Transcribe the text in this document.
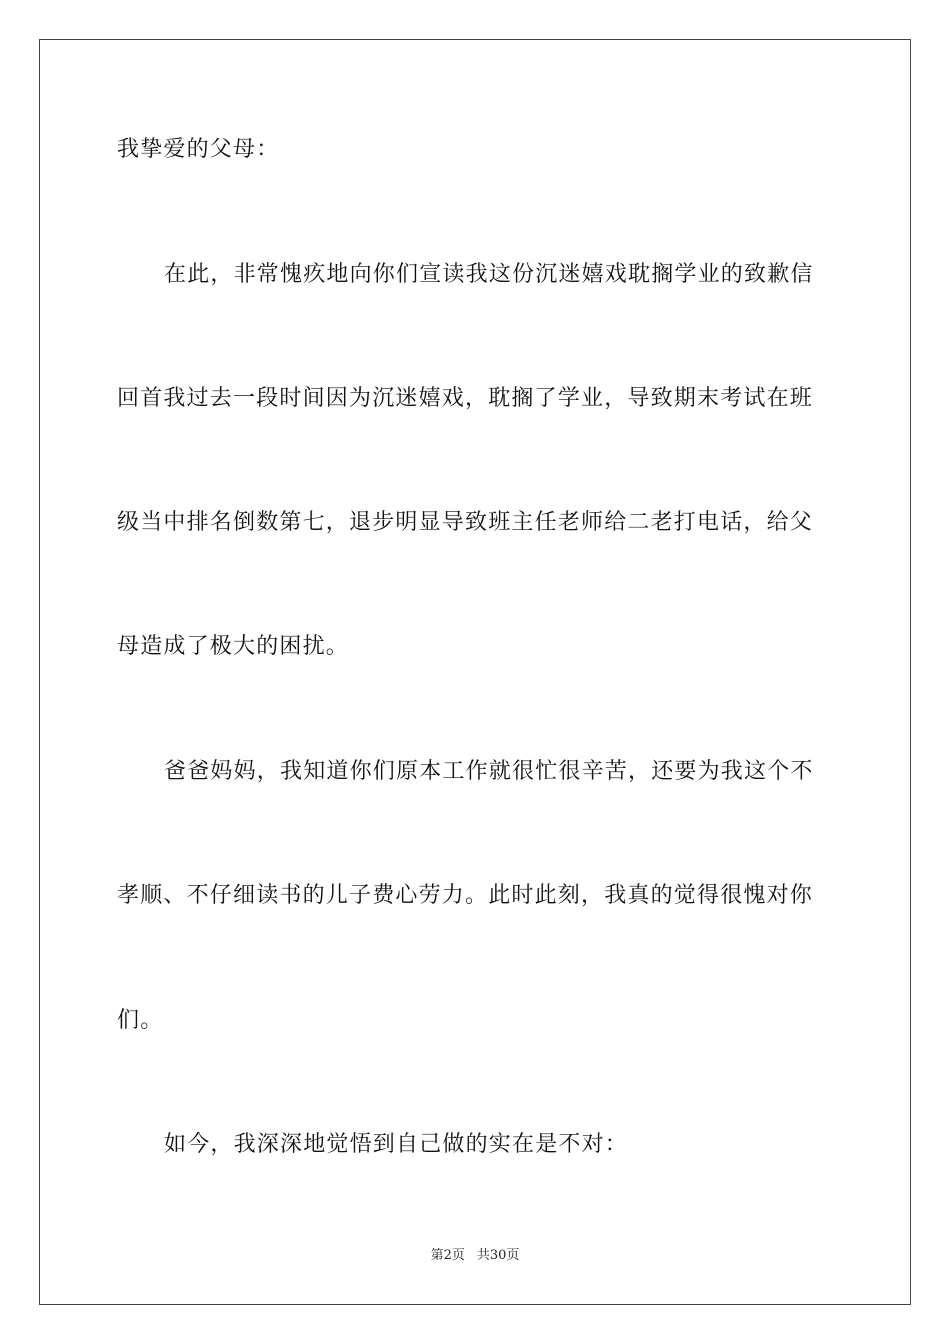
我挚爱的父母：
在此，非常愧疚地向你们宣读我这份沉迷嬉戏耽搁学业的致歉信
回首我过去一段时间因为沉迷嬉戏，耽搁了学业，导致期末考试在班
级当中排名倒数第七，退步明显导致班主任老师给二老打电话，给父
母造成了极大的困扰。
爸爸妈妈，我知道你们原本工作就很忙很辛苦，还要为我这个不
孝顺、不仔细读书的儿子费心劳力。此时此刻，我真的觉得很愧对你
们。
如今，我深深地觉悟到自己做的实在是不对：
第2页 共30页
